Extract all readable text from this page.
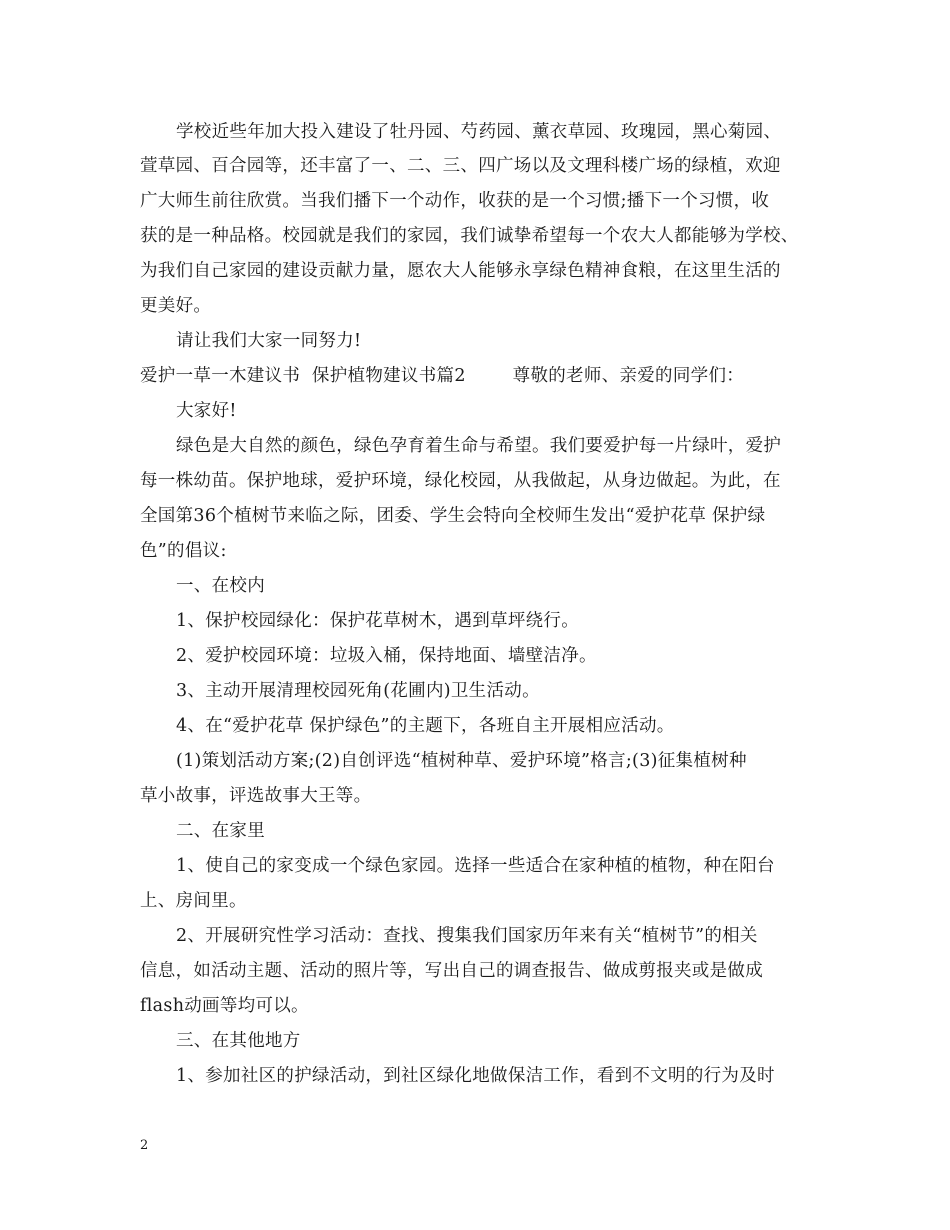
学校近些年加大投入建设了牡丹园、芍药园、薰衣草园、玫瑰园，黑心菊园、
萱草园、百合园等，还丰富了一、二、三、四广场以及文理科楼广场的绿植，欢迎
广大师生前往欣赏。当我们播下一个动作，收获的是一个习惯;播下一个习惯，收
获的是一种品格。校园就是我们的家园，我们诚挚希望每一个农大人都能够为学校、
为我们自己家园的建设贡献力量，愿农大人能够永享绿色精神食粮，在这里生活的
更美好。
请让我们大家一同努力!
爱护一草一木建议书  保护植物建议书篇2        尊敬的老师、亲爱的同学们：
大家好!
绿色是大自然的颜色，绿色孕育着生命与希望。我们要爱护每一片绿叶，爱护
每一株幼苗。保护地球，爱护环境，绿化校园，从我做起，从身边做起。为此，在
全国第36个植树节来临之际，团委、学生会特向全校师生发出“爱护花草 保护绿
色”的倡议:
一、在校内
1、保护校园绿化：保护花草树木，遇到草坪绕行。
2、爱护校园环境：垃圾入桶，保持地面、墙壁洁净。
3、主动开展清理校园死角(花圃内)卫生活动。
4、在“爱护花草 保护绿色”的主题下，各班自主开展相应活动。
(1)策划活动方案;(2)自创评选“植树种草、爱护环境”格言;(3)征集植树种
草小故事，评选故事大王等。
二、在家里
1、使自己的家变成一个绿色家园。选择一些适合在家种植的植物，种在阳台
上、房间里。
2、开展研究性学习活动：查找、搜集我们国家历年来有关“植树节”的相关
信息，如活动主题、活动的照片等，写出自己的调查报告、做成剪报夹或是做成
flash动画等均可以。
三、在其他地方
1、参加社区的护绿活动，到社区绿化地做保洁工作，看到不文明的行为及时
2
